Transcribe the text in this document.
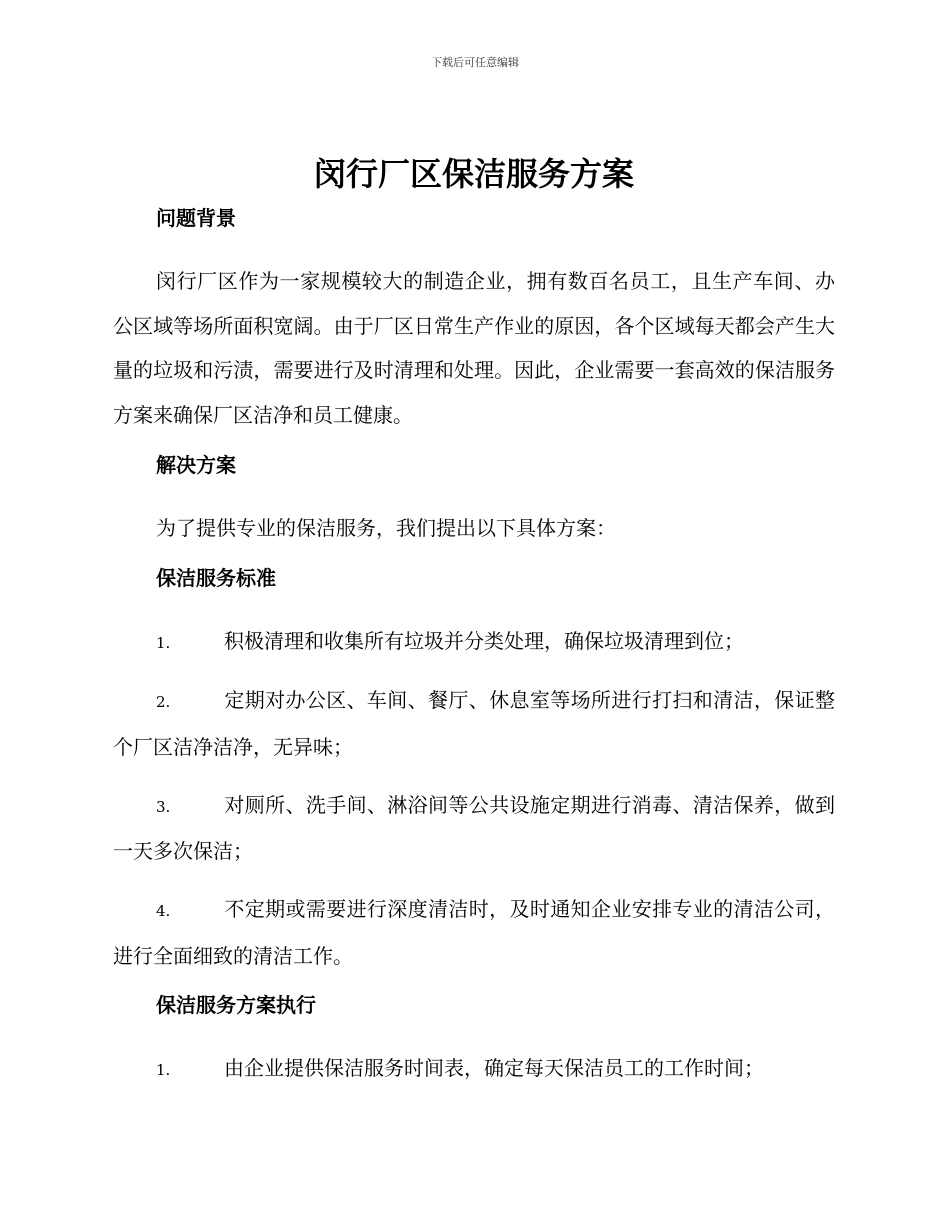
下载后可任意编辑
闵行厂区保洁服务方案
问题背景

闵行厂区作为一家规模较大的制造企业，拥有数百名员工，且生产车间、办公区域等场所面积宽阔。由于厂区日常生产作业的原因，各个区域每天都会产生大量的垃圾和污渍，需要进行及时清理和处理。因此，企业需要一套高效的保洁服务方案来确保厂区洁净和员工健康。

解决方案

为了提供专业的保洁服务，我们提出以下具体方案：

保洁服务标准

1.	积极清理和收集所有垃圾并分类处理，确保垃圾清理到位；

2.	定期对办公区、车间、餐厅、休息室等场所进行打扫和清洁，保证整个厂区洁净洁净，无异味；

3.	对厕所、洗手间、淋浴间等公共设施定期进行消毒、清洁保养，做到一天多次保洁；

4.	不定期或需要进行深度清洁时，及时通知企业安排专业的清洁公司，进行全面细致的清洁工作。

保洁服务方案执行

1.	由企业提供保洁服务时间表，确定每天保洁员工的工作时间；
